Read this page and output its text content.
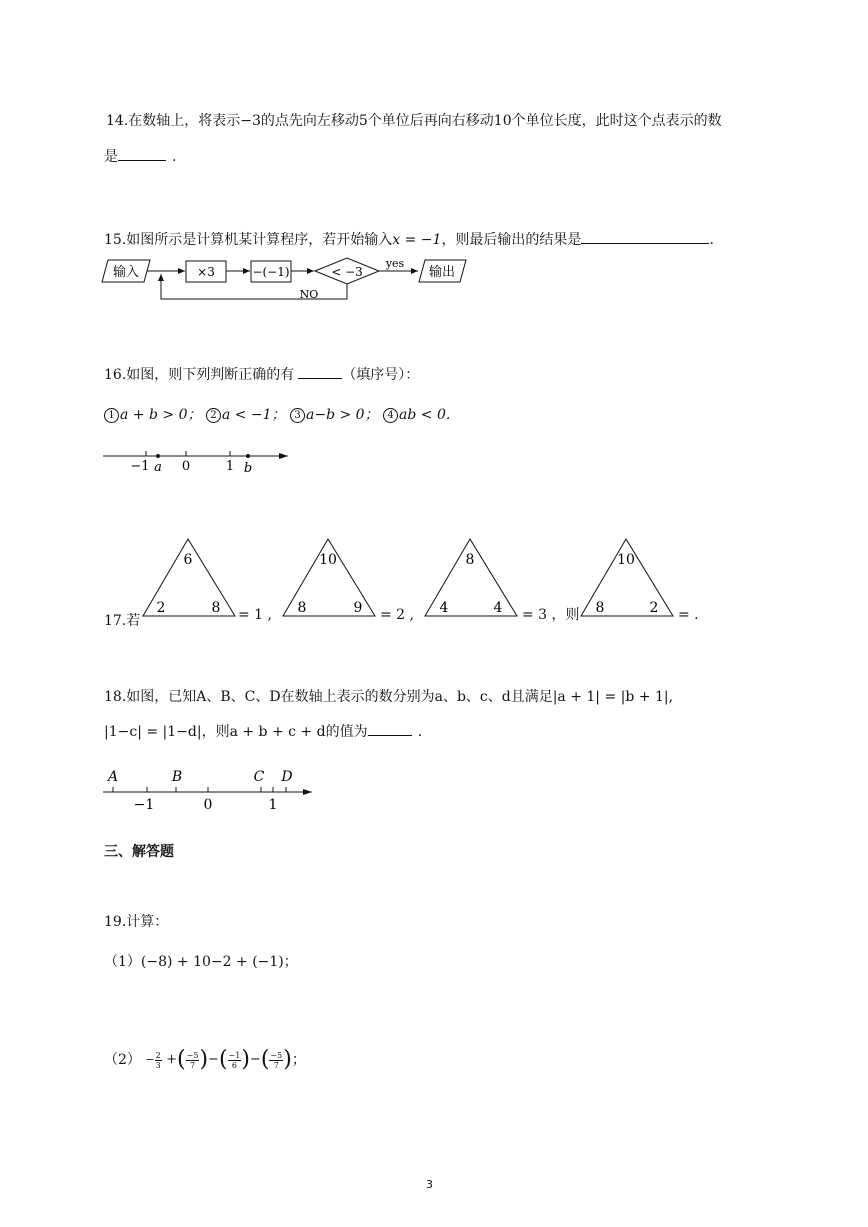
14.在数轴上，将表示−3的点先向左移动5个单位后再向右移动10个单位长度，此时这个点表示的数
是	.
15.如图所示是计算机某计算程序，若开始输入x = −1，则最后输出的结果是	.
输入	×3	−(−1)	< −3
yes
输出
NO
16.如图，则下列判断正确的有	（填序号）：
1 a + b > 0； 2 a < −1； 3 a−b > 0； 4 ab < 0.
−1 a 0	1 b
17.若
6
2	8 = 1 ,
10
8	9 = 2 ,
8
4	4 = 3 ，则
10
8	2 = .
18.如图，已知A、B、C、D在数轴上表示的数分别为a、b、c、d且满足|a + 1| = |b + 1|,
|1−c| = |1−d|，则a + b + c + d的值为	.
A	B	C D
−1	0	1
三、解答题
19.计算：
（1）(−8) + 10−2 + (−1)；
$(2) - \frac{2}{3}$ +( $\frac{-5}{7}$ )−( $\frac{-1}{6}$ )−( $\frac{-5}{7}$ )；
3
